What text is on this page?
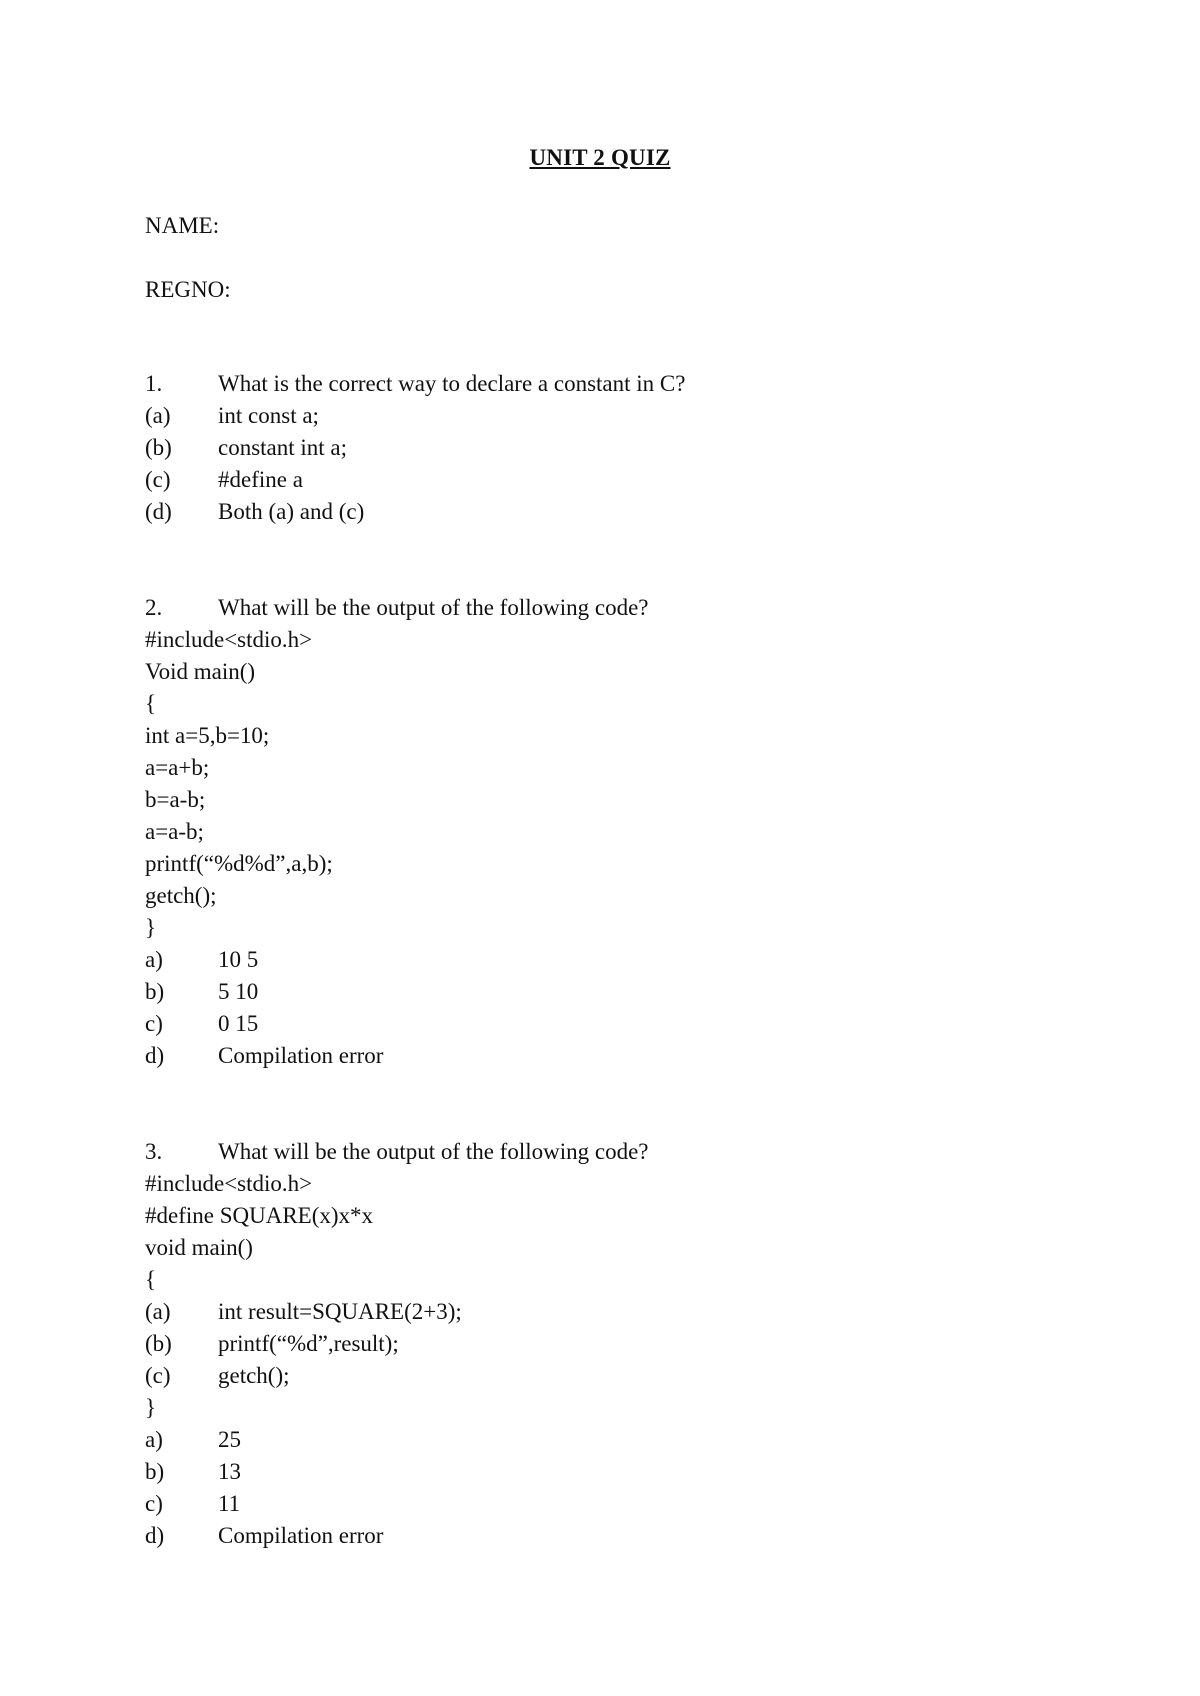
UNIT 2 QUIZ
NAME:
REGNO:

1.

What is the correct way to declare a constant in C?

(a)

int const a;

(b)

constant int a;

(c)

#define a

(d)

Both (a) and (c)

2.

What will be the output of the following code?

#include<stdio.h>
Void main()
{
int a=5,b=10;
a=a+b;
b=a-b;
a=a-b;
printf(“%d%d”,a,b);
getch();
}

a)

10 5

b)

5 10

c)

0 15

d)

Compilation error

3.

What will be the output of the following code?

#include<stdio.h>
#define SQUARE(x)x*x
void main()
{

(a)

int result=SQUARE(2+3);

(b)

printf(“%d”,result);

(c)

getch();

}

a)

25

b)

13

c)

11

d)

Compilation error
